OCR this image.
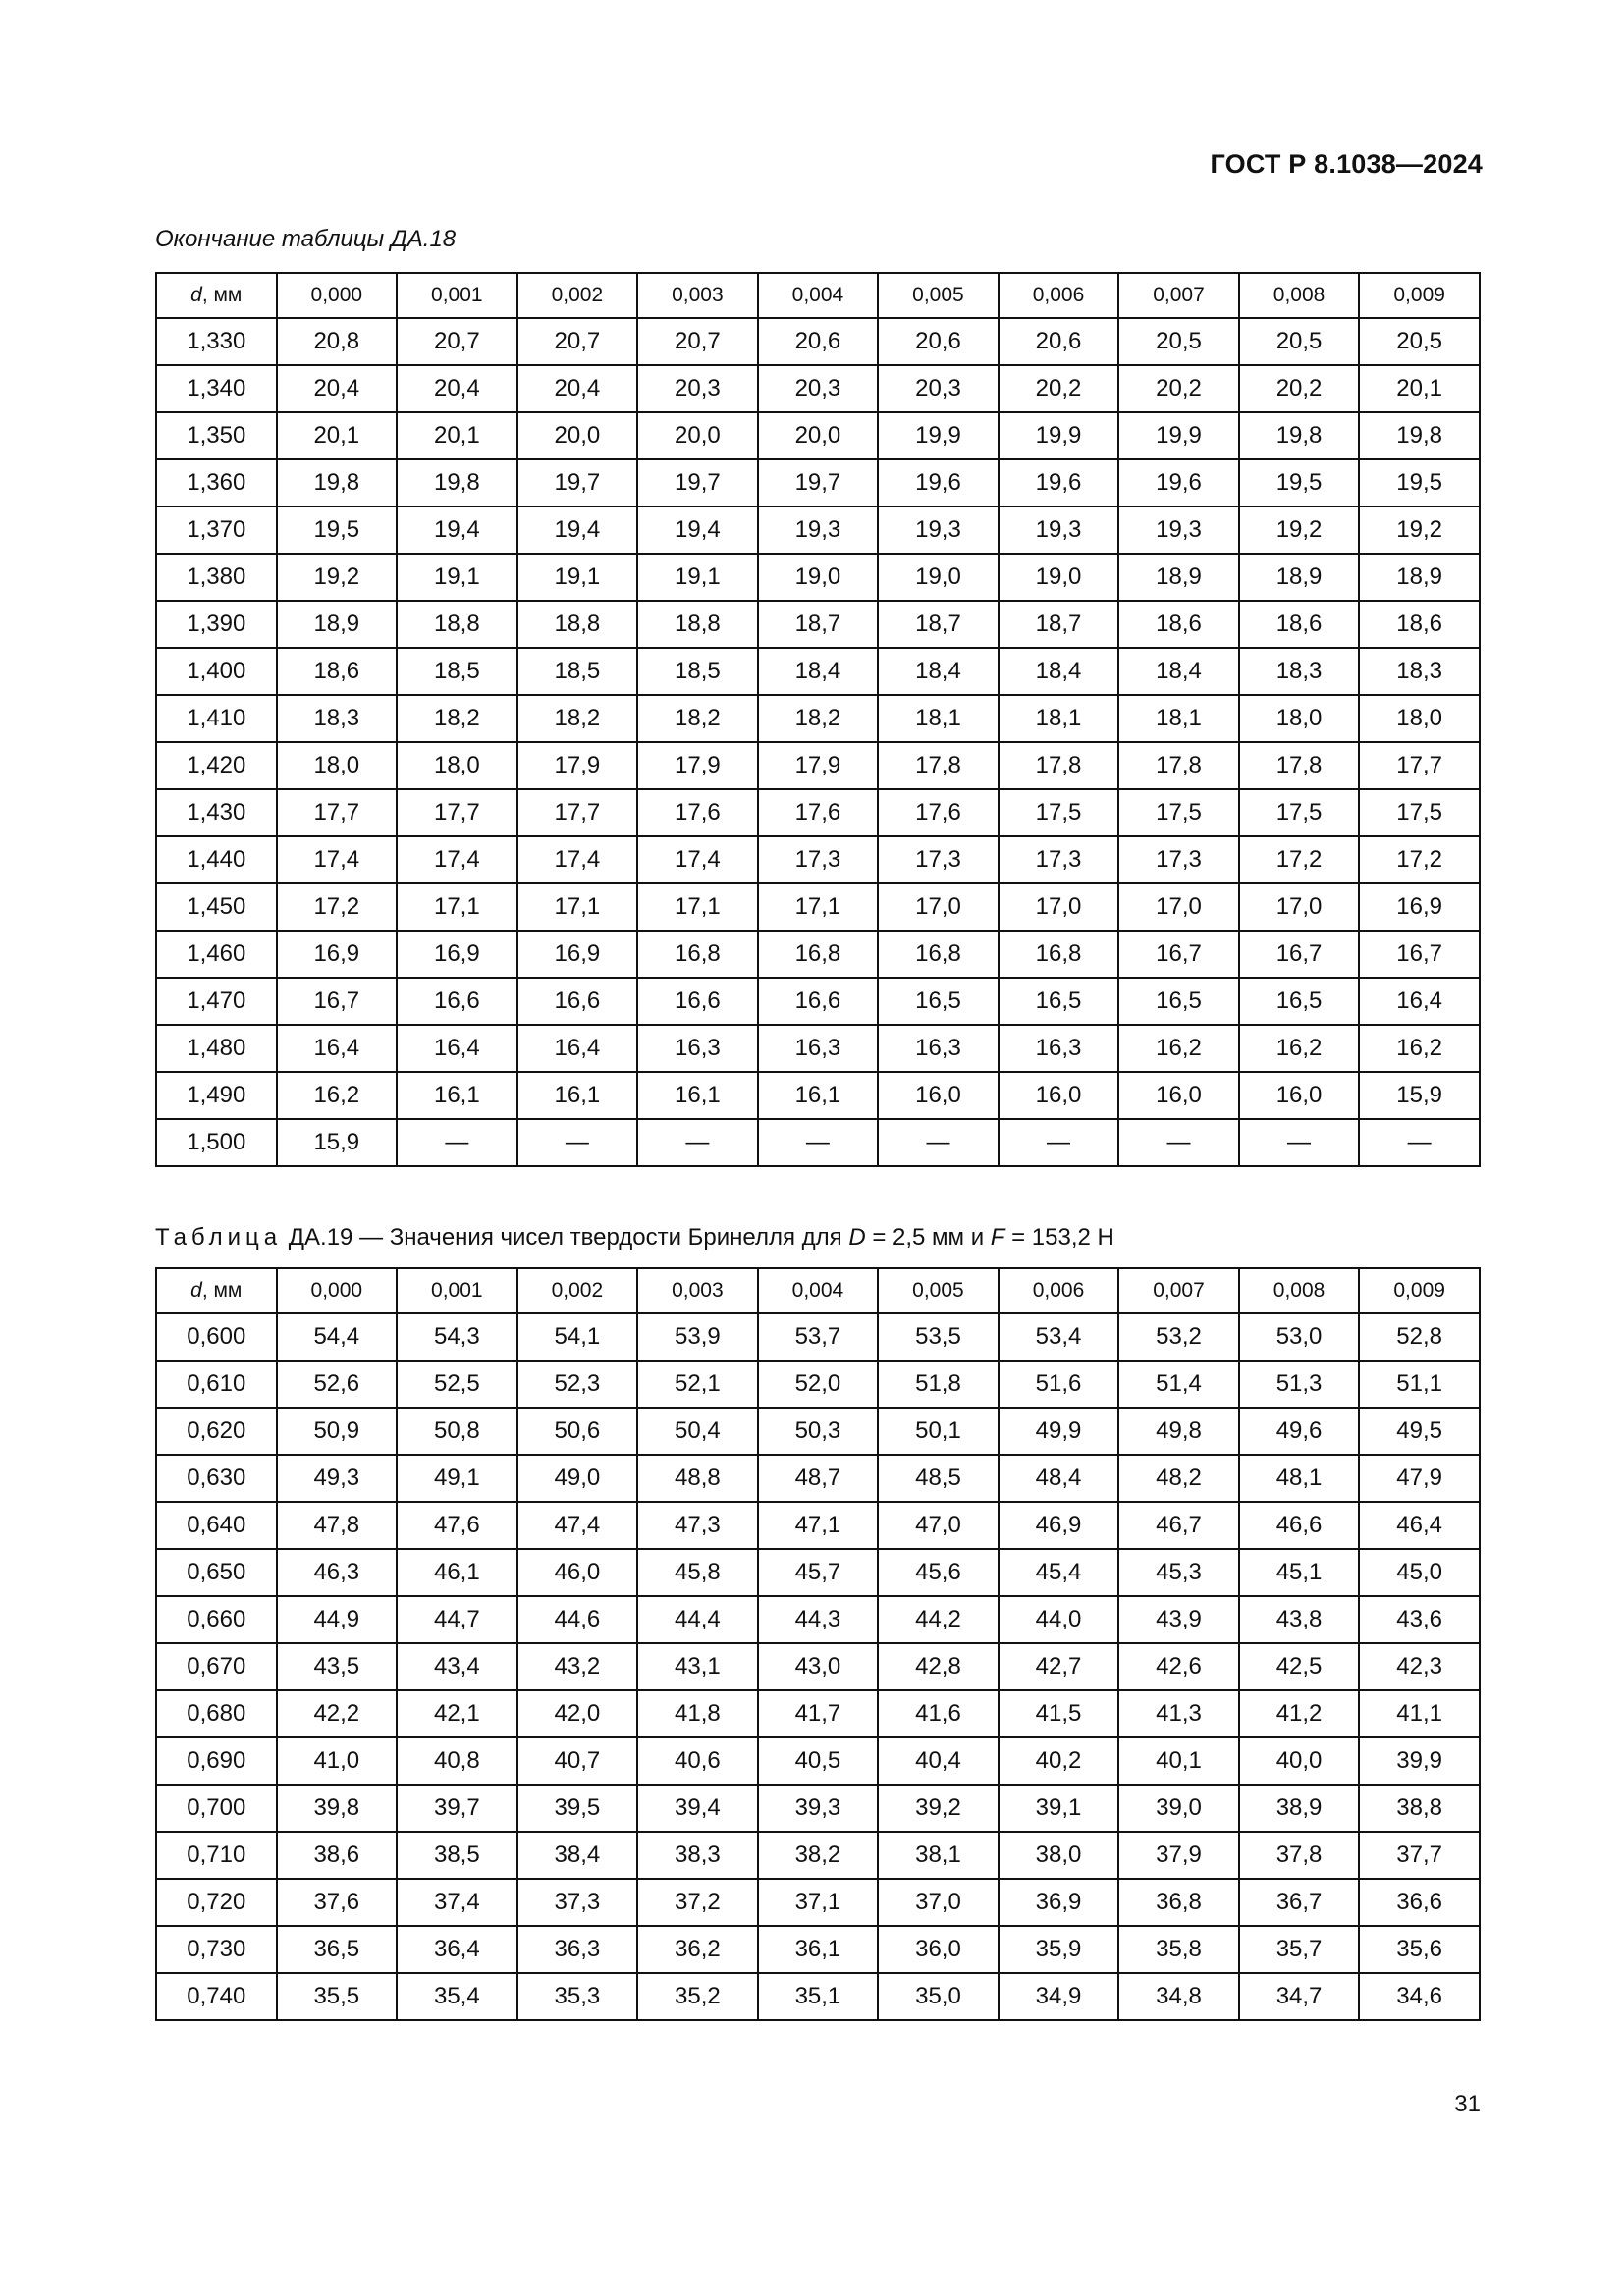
ГОСТ Р 8.1038—2024
Окончание таблицы ДА.18
d, мм	0,000	0,001	0,002	0,003	0,004	0,005	0,006	0,007	0,008	0,009
1,330	20,8	20,7	20,7	20,7	20,6	20,6	20,6	20,5	20,5	20,5
1,340	20,4	20,4	20,4	20,3	20,3	20,3	20,2	20,2	20,2	20,1
1,350	20,1	20,1	20,0	20,0	20,0	19,9	19,9	19,9	19,8	19,8
1,360	19,8	19,8	19,7	19,7	19,7	19,6	19,6	19,6	19,5	19,5
1,370	19,5	19,4	19,4	19,4	19,3	19,3	19,3	19,3	19,2	19,2
1,380	19,2	19,1	19,1	19,1	19,0	19,0	19,0	18,9	18,9	18,9
1,390	18,9	18,8	18,8	18,8	18,7	18,7	18,7	18,6	18,6	18,6
1,400	18,6	18,5	18,5	18,5	18,4	18,4	18,4	18,4	18,3	18,3
1,410	18,3	18,2	18,2	18,2	18,2	18,1	18,1	18,1	18,0	18,0
1,420	18,0	18,0	17,9	17,9	17,9	17,8	17,8	17,8	17,8	17,7
1,430	17,7	17,7	17,7	17,6	17,6	17,6	17,5	17,5	17,5	17,5
1,440	17,4	17,4	17,4	17,4	17,3	17,3	17,3	17,3	17,2	17,2
1,450	17,2	17,1	17,1	17,1	17,1	17,0	17,0	17,0	17,0	16,9
1,460	16,9	16,9	16,9	16,8	16,8	16,8	16,8	16,7	16,7	16,7
1,470	16,7	16,6	16,6	16,6	16,6	16,5	16,5	16,5	16,5	16,4
1,480	16,4	16,4	16,4	16,3	16,3	16,3	16,3	16,2	16,2	16,2
1,490	16,2	16,1	16,1	16,1	16,1	16,0	16,0	16,0	16,0	15,9
1,500	15,9	—	—	—	—	—	—	—	—	—
Таблица ДА.19 — Значения чисел твердости Бринелля для D = 2,5 мм и F = 153,2 Н
d, мм	0,000	0,001	0,002	0,003	0,004	0,005	0,006	0,007	0,008	0,009
0,600	54,4	54,3	54,1	53,9	53,7	53,5	53,4	53,2	53,0	52,8
0,610	52,6	52,5	52,3	52,1	52,0	51,8	51,6	51,4	51,3	51,1
0,620	50,9	50,8	50,6	50,4	50,3	50,1	49,9	49,8	49,6	49,5
0,630	49,3	49,1	49,0	48,8	48,7	48,5	48,4	48,2	48,1	47,9
0,640	47,8	47,6	47,4	47,3	47,1	47,0	46,9	46,7	46,6	46,4
0,650	46,3	46,1	46,0	45,8	45,7	45,6	45,4	45,3	45,1	45,0
0,660	44,9	44,7	44,6	44,4	44,3	44,2	44,0	43,9	43,8	43,6
0,670	43,5	43,4	43,2	43,1	43,0	42,8	42,7	42,6	42,5	42,3
0,680	42,2	42,1	42,0	41,8	41,7	41,6	41,5	41,3	41,2	41,1
0,690	41,0	40,8	40,7	40,6	40,5	40,4	40,2	40,1	40,0	39,9
0,700	39,8	39,7	39,5	39,4	39,3	39,2	39,1	39,0	38,9	38,8
0,710	38,6	38,5	38,4	38,3	38,2	38,1	38,0	37,9	37,8	37,7
0,720	37,6	37,4	37,3	37,2	37,1	37,0	36,9	36,8	36,7	36,6
0,730	36,5	36,4	36,3	36,2	36,1	36,0	35,9	35,8	35,7	35,6
0,740	35,5	35,4	35,3	35,2	35,1	35,0	34,9	34,8	34,7	34,6
31
